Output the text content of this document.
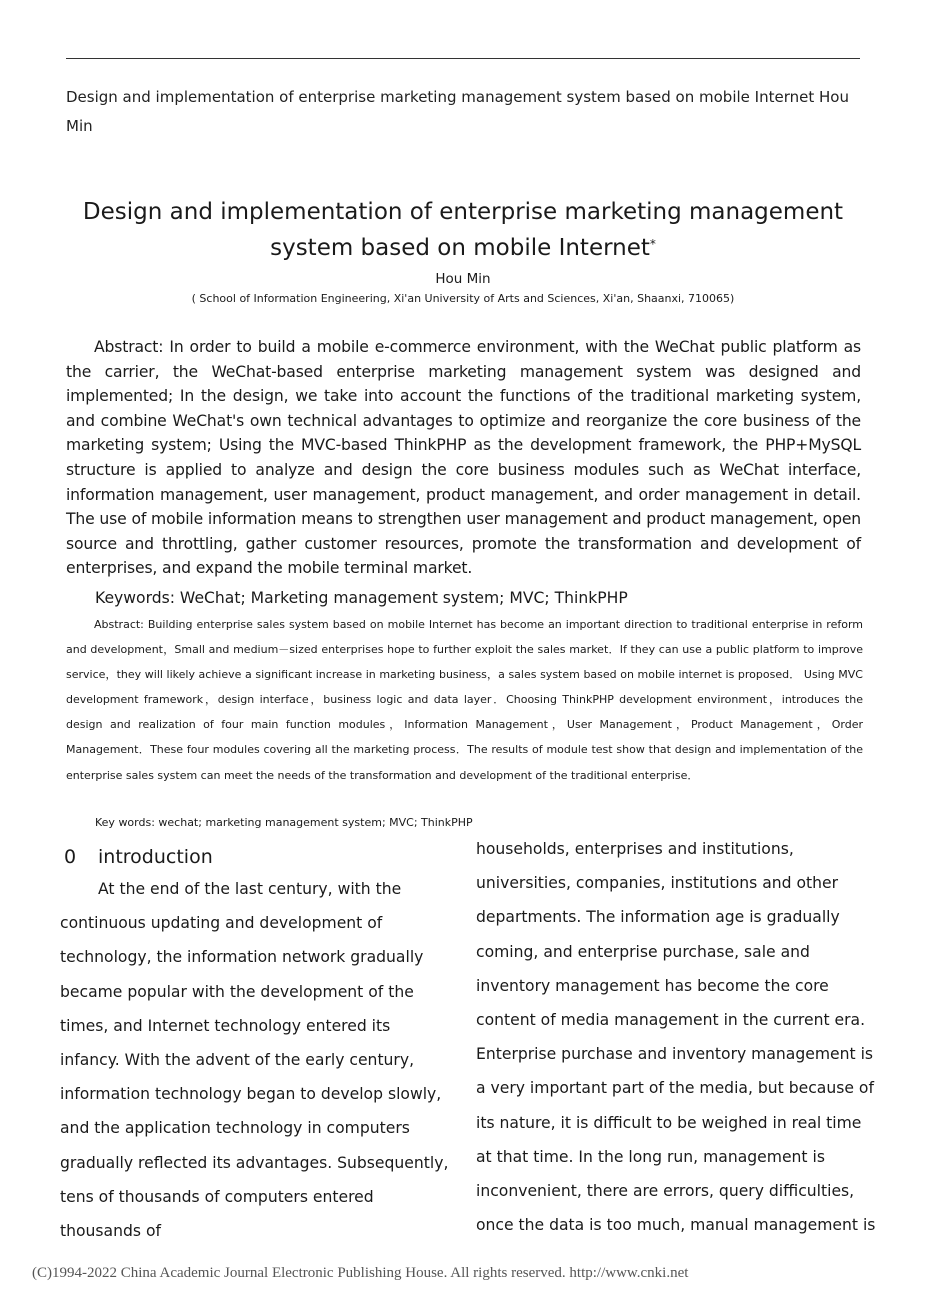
Design and implementation of enterprise marketing management system based on mobile Internet Hou Min
Design and implementation of enterprise marketing management
system based on mobile Internet*
Hou Min
( School of Information Engineering, Xi'an University of Arts and Sciences, Xi'an, Shaanxi, 710065)

Abstract: In order to build a mobile e-commerce environment, with the WeChat public platform as the carrier, the WeChat-based enterprise marketing management system was designed and implemented; In the design, we take into account the functions of the traditional marketing system, and combine WeChat's own technical advantages to optimize and reorganize the core business of the marketing system; Using the MVC-based ThinkPHP as the development framework, the PHP+MySQL structure is applied to analyze and design the core business modules such as WeChat interface, information management, user management, product management, and order management in detail. The use of mobile information means to strengthen user management and product management, open source and throttling, gather customer resources, promote the transformation and development of enterprises, and expand the mobile terminal market.

Keywords: WeChat; Marketing management system; MVC; ThinkPHP

Abstract: Building enterprise sales system based on mobile Internet has become an important direction to traditional enterprise in reform and development，Small and medium－sized enterprises hope to further exploit the sales market．If they can use a public platform to improve service，they will likely achieve a significant increase in marketing business，a sales system based on mobile internet is proposed． Using MVC development framework，design interface，business logic and data layer．Choosing ThinkPHP development environment，introduces the design and realization of four main function modules，Information Management，User Management，Product Management，Order Management．These four modules covering all the marketing process．The results of module test show that design and implementation of the enterprise sales system can meet the needs of the transformation and development of the traditional enterprise．

Key words: wechat; marketing management system; MVC; ThinkPHP
0 introduction

At the end of the last century, with the continuous updating and development of technology, the information network gradually became popular with the development of the times, and Internet technology entered its infancy. With the advent of the early century, information technology began to develop slowly, and the application technology in computers gradually reflected its advantages. Subsequently, tens of thousands of computers entered thousands of

households, enterprises and institutions, universities, companies, institutions and other departments. The information age is gradually coming, and enterprise purchase, sale and inventory management has become the core content of media management in the current era. Enterprise purchase and inventory management is a very important part of the media, but because of its nature, it is difficult to be weighed in real time at that time. In the long run, management is inconvenient, there are errors, query difficulties, once the data is too much, manual management is

(C)1994-2022 China Academic Journal Electronic Publishing House. All rights reserved. http://www.cnki.net
